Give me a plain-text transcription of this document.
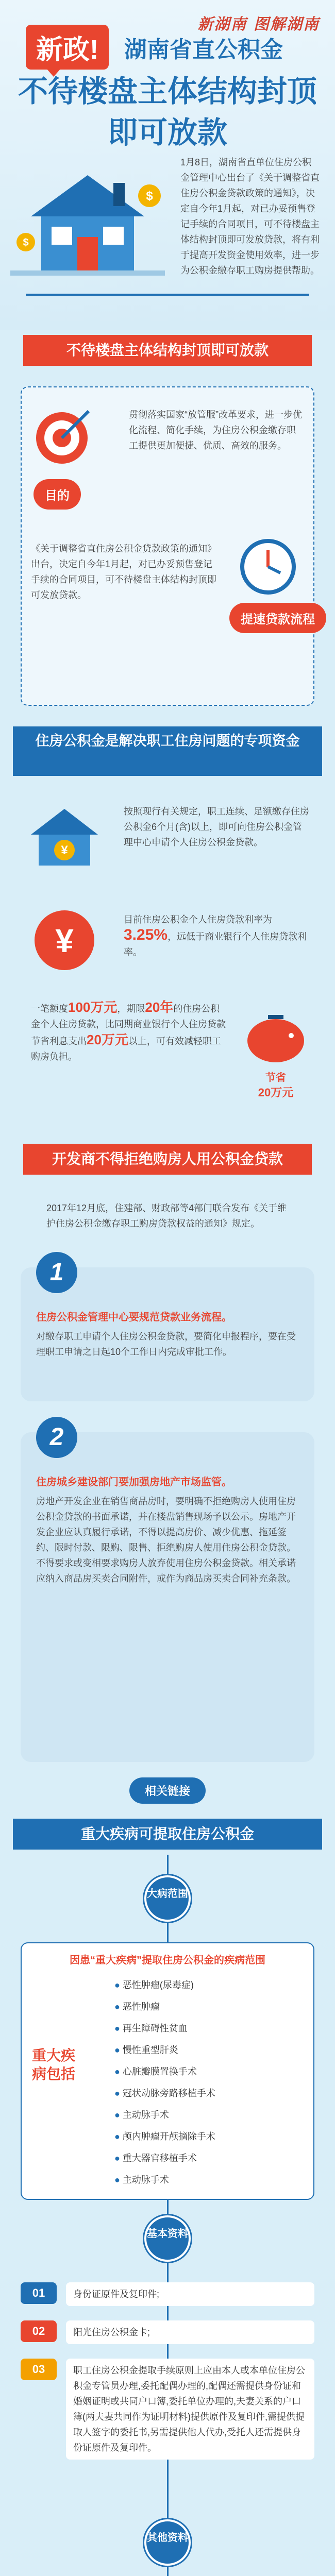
新湖南 图解湖南
新政!	湖南省直公积金
不待楼盘主体结构封顶
即可放款
$
$
1月8日，湖南省直单位住房公积金管理中心出台了《关于调整省直住房公积金贷款政策的通知》，决定自今年1月起，对已办妥预售登记手续的合同项目，可不待楼盘主体结构封顶即可发放贷款，将有利于提高开发资金使用效率，进一步为公积金缴存职工购房提供帮助。
不待楼盘主体结构封顶即可放款
目的
贯彻落实国家“放管服”改革要求，进一步优化流程、简化手续，为住房公积金缴存职工提供更加便捷、优质、高效的服务。
提速贷款流程
《关于调整省直住房公积金贷款政策的通知》出台，决定自今年1月起，对已办妥预售登记手续的合同项目，可不待楼盘主体结构封顶即可发放贷款。
住房公积金是解决职工住房问题的专项资金
¥
按照现行有关规定，职工连续、足额缴存住房公积金6个月(含)以上，即可向住房公积金管理中心申请个人住房公积金贷款。
¥
目前住房公积金个人住房贷款利率为3.25%，远低于商业银行个人住房贷款利率。
一笔额度100万元，期限20年的住房公积金个人住房贷款，比同期商业银行个人住房贷款节省利息支出20万元以上，可有效减轻职工购房负担。
节省
20万元
开发商不得拒绝购房人用公积金贷款
2017年12月底，住建部、财政部等4部门联合发布《关于维护住房公积金缴存职工购房贷款权益的通知》规定。
1
住房公积金管理中心要规范贷款业务流程。
对缴存职工申请个人住房公积金贷款，要简化申报程序，要在受理职工申请之日起10个工作日内完成审批工作。
2
住房城乡建设部门要加强房地产市场监管。
房地产开发企业在销售商品房时，要明确不拒绝购房人使用住房公积金贷款的书面承诺，并在楼盘销售现场予以公示。房地产开发企业应认真履行承诺，不得以提高房价、减少优惠、拖延签约、限时付款、限购、限售、拒绝购房人使用住房公积金贷款。不得要求或变相要求购房人放弃使用住房公积金贷款。相关承诺应纳入商品房买卖合同附件，或作为商品房买卖合同补充条款。
相关链接
重大疾病可提取住房公积金
大病范围
因患“重大疾病”提取住房公积金的疾病范围
重大疾病包括
● 恶性肿瘤(尿毒症)
● 恶性肿瘤
● 再生障碍性贫血
● 慢性重型肝炎
● 心脏瓣膜置换手术
● 冠状动脉旁路移植手术
● 主动脉手术
● 颅内肿瘤开颅摘除手术
● 重大器官移植手术
● 主动脉手术
基本资料
01	身份证原件及复印件;
02	阳光住房公积金卡;
03	职工住房公积金提取手续原则上应由本人或本单位住房公积金专管员办理,委托配偶办理的,配偶还需提供身份证和婚姻证明或共同户口簿,委托单位办理的,夫妻关系的户口簿(两夫妻共同作为证明材料)提供原件及复印件,需提供提取人签字的委托书,另需提供他人代办,受托人还需提供身份证原件及复印件。
其他资料
